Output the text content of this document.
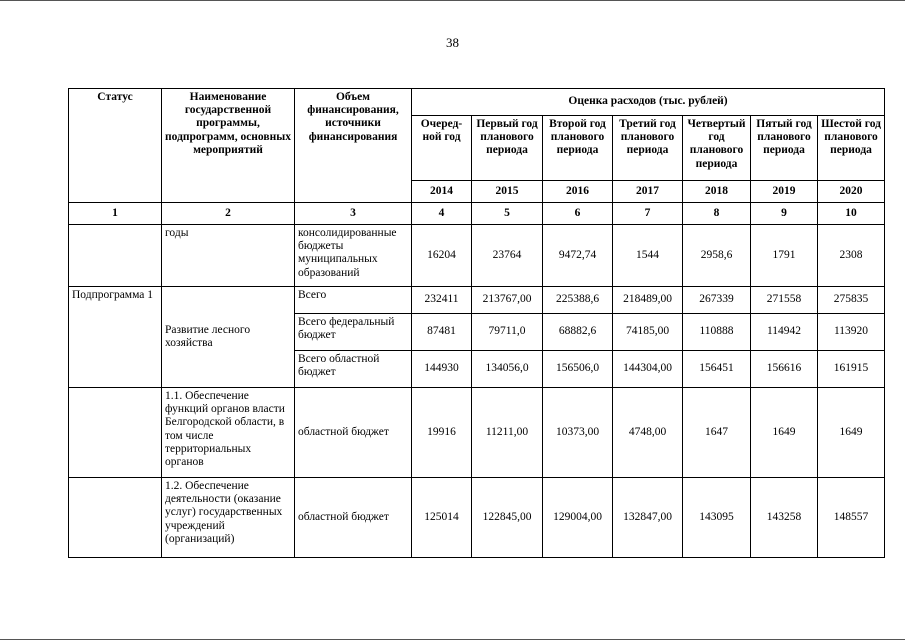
38
Статус	Наименование государственной программы, подпрограмм, основных мероприятий	Объем финансирования, источники финансирования	Оценка расходов (тыс. рублей)						
			Очеред-ной год	Первый год планового периода	Второй год планового периода	Третий год планового периода	Четвертый год планового периода	Пятый год планового периода	Шестой год планового периода
			2014	2015	2016	2017	2018	2019	2020
1	2	3	4	5	6	7	8	9	10
	годы	консолидированные бюджеты муниципальных образований	16204	23764	9472,74	1544	2958,6	1791	2308
Подпрограмма 1	Развитие лесного хозяйства	Всего	232411	213767,00	225388,6	218489,00	267339	271558	275835
		Всего федеральный бюджет	87481	79711,0	68882,6	74185,00	110888	114942	113920
		Всего областной бюджет	144930	134056,0	156506,0	144304,00	156451	156616	161915
	1.1. Обеспечение функций органов власти Белгородской области, в том числе территориальных органов	областной бюджет	19916	11211,00	10373,00	4748,00	1647	1649	1649
	1.2. Обеспечение деятельности (оказание услуг) государственных учреждений (организаций)	областной бюджет	125014	122845,00	129004,00	132847,00	143095	143258	148557
